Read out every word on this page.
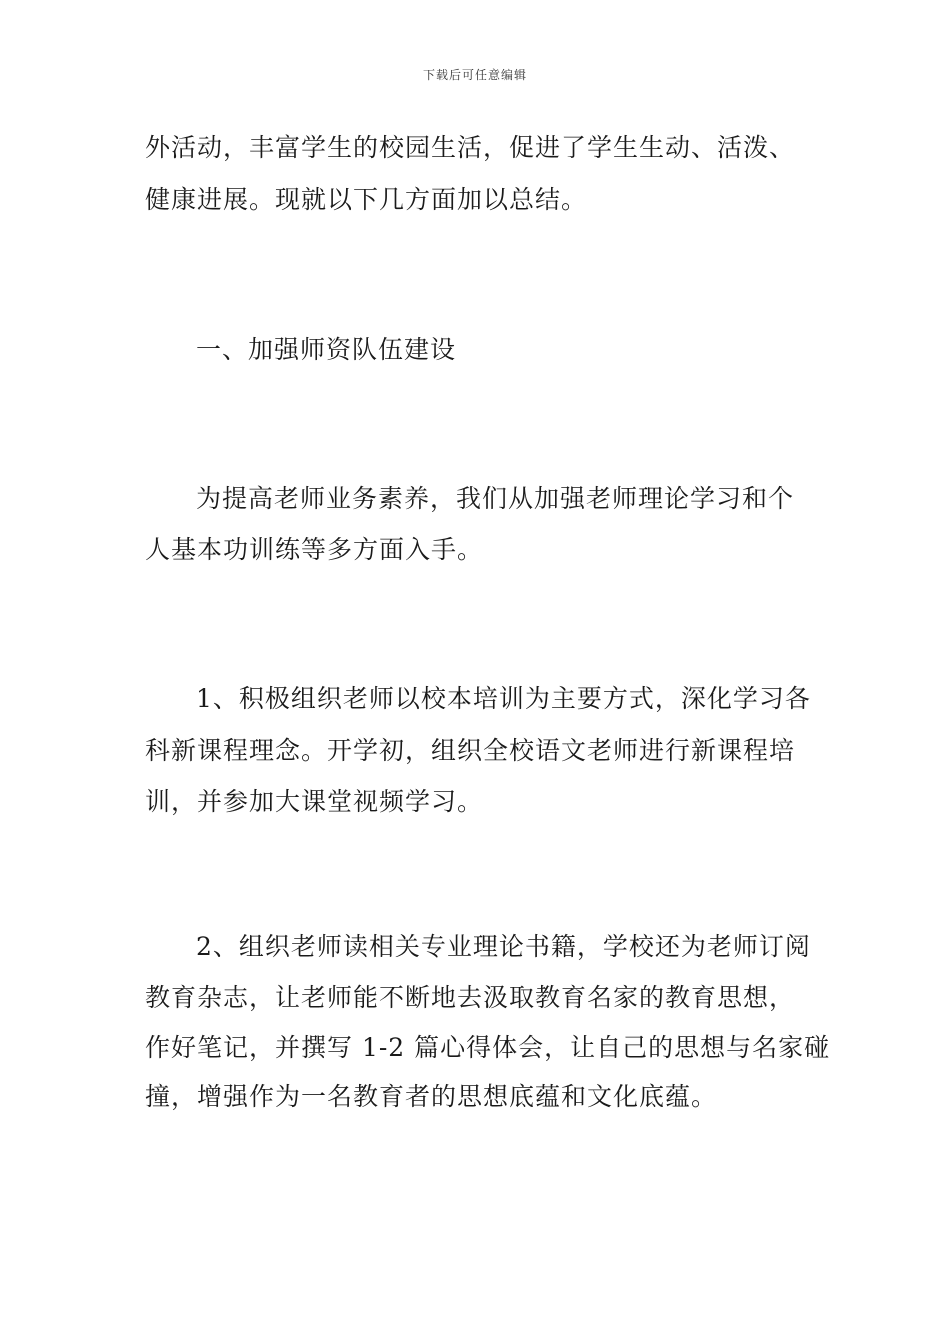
下载后可任意编辑
外活动，丰富学生的校园生活，促进了学生生动、活泼、
健康进展。现就以下几方面加以总结。
一、加强师资队伍建设
为提高老师业务素养，我们从加强老师理论学习和个
人基本功训练等多方面入手。
1、积极组织老师以校本培训为主要方式，深化学习各
科新课程理念。开学初，组织全校语文老师进行新课程培
训，并参加大课堂视频学习。
2、组织老师读相关专业理论书籍，学校还为老师订阅
教育杂志，让老师能不断地去汲取教育名家的教育思想，
作好笔记，并撰写 1-2 篇心得体会，让自己的思想与名家碰
撞，增强作为一名教育者的思想底蕴和文化底蕴。
